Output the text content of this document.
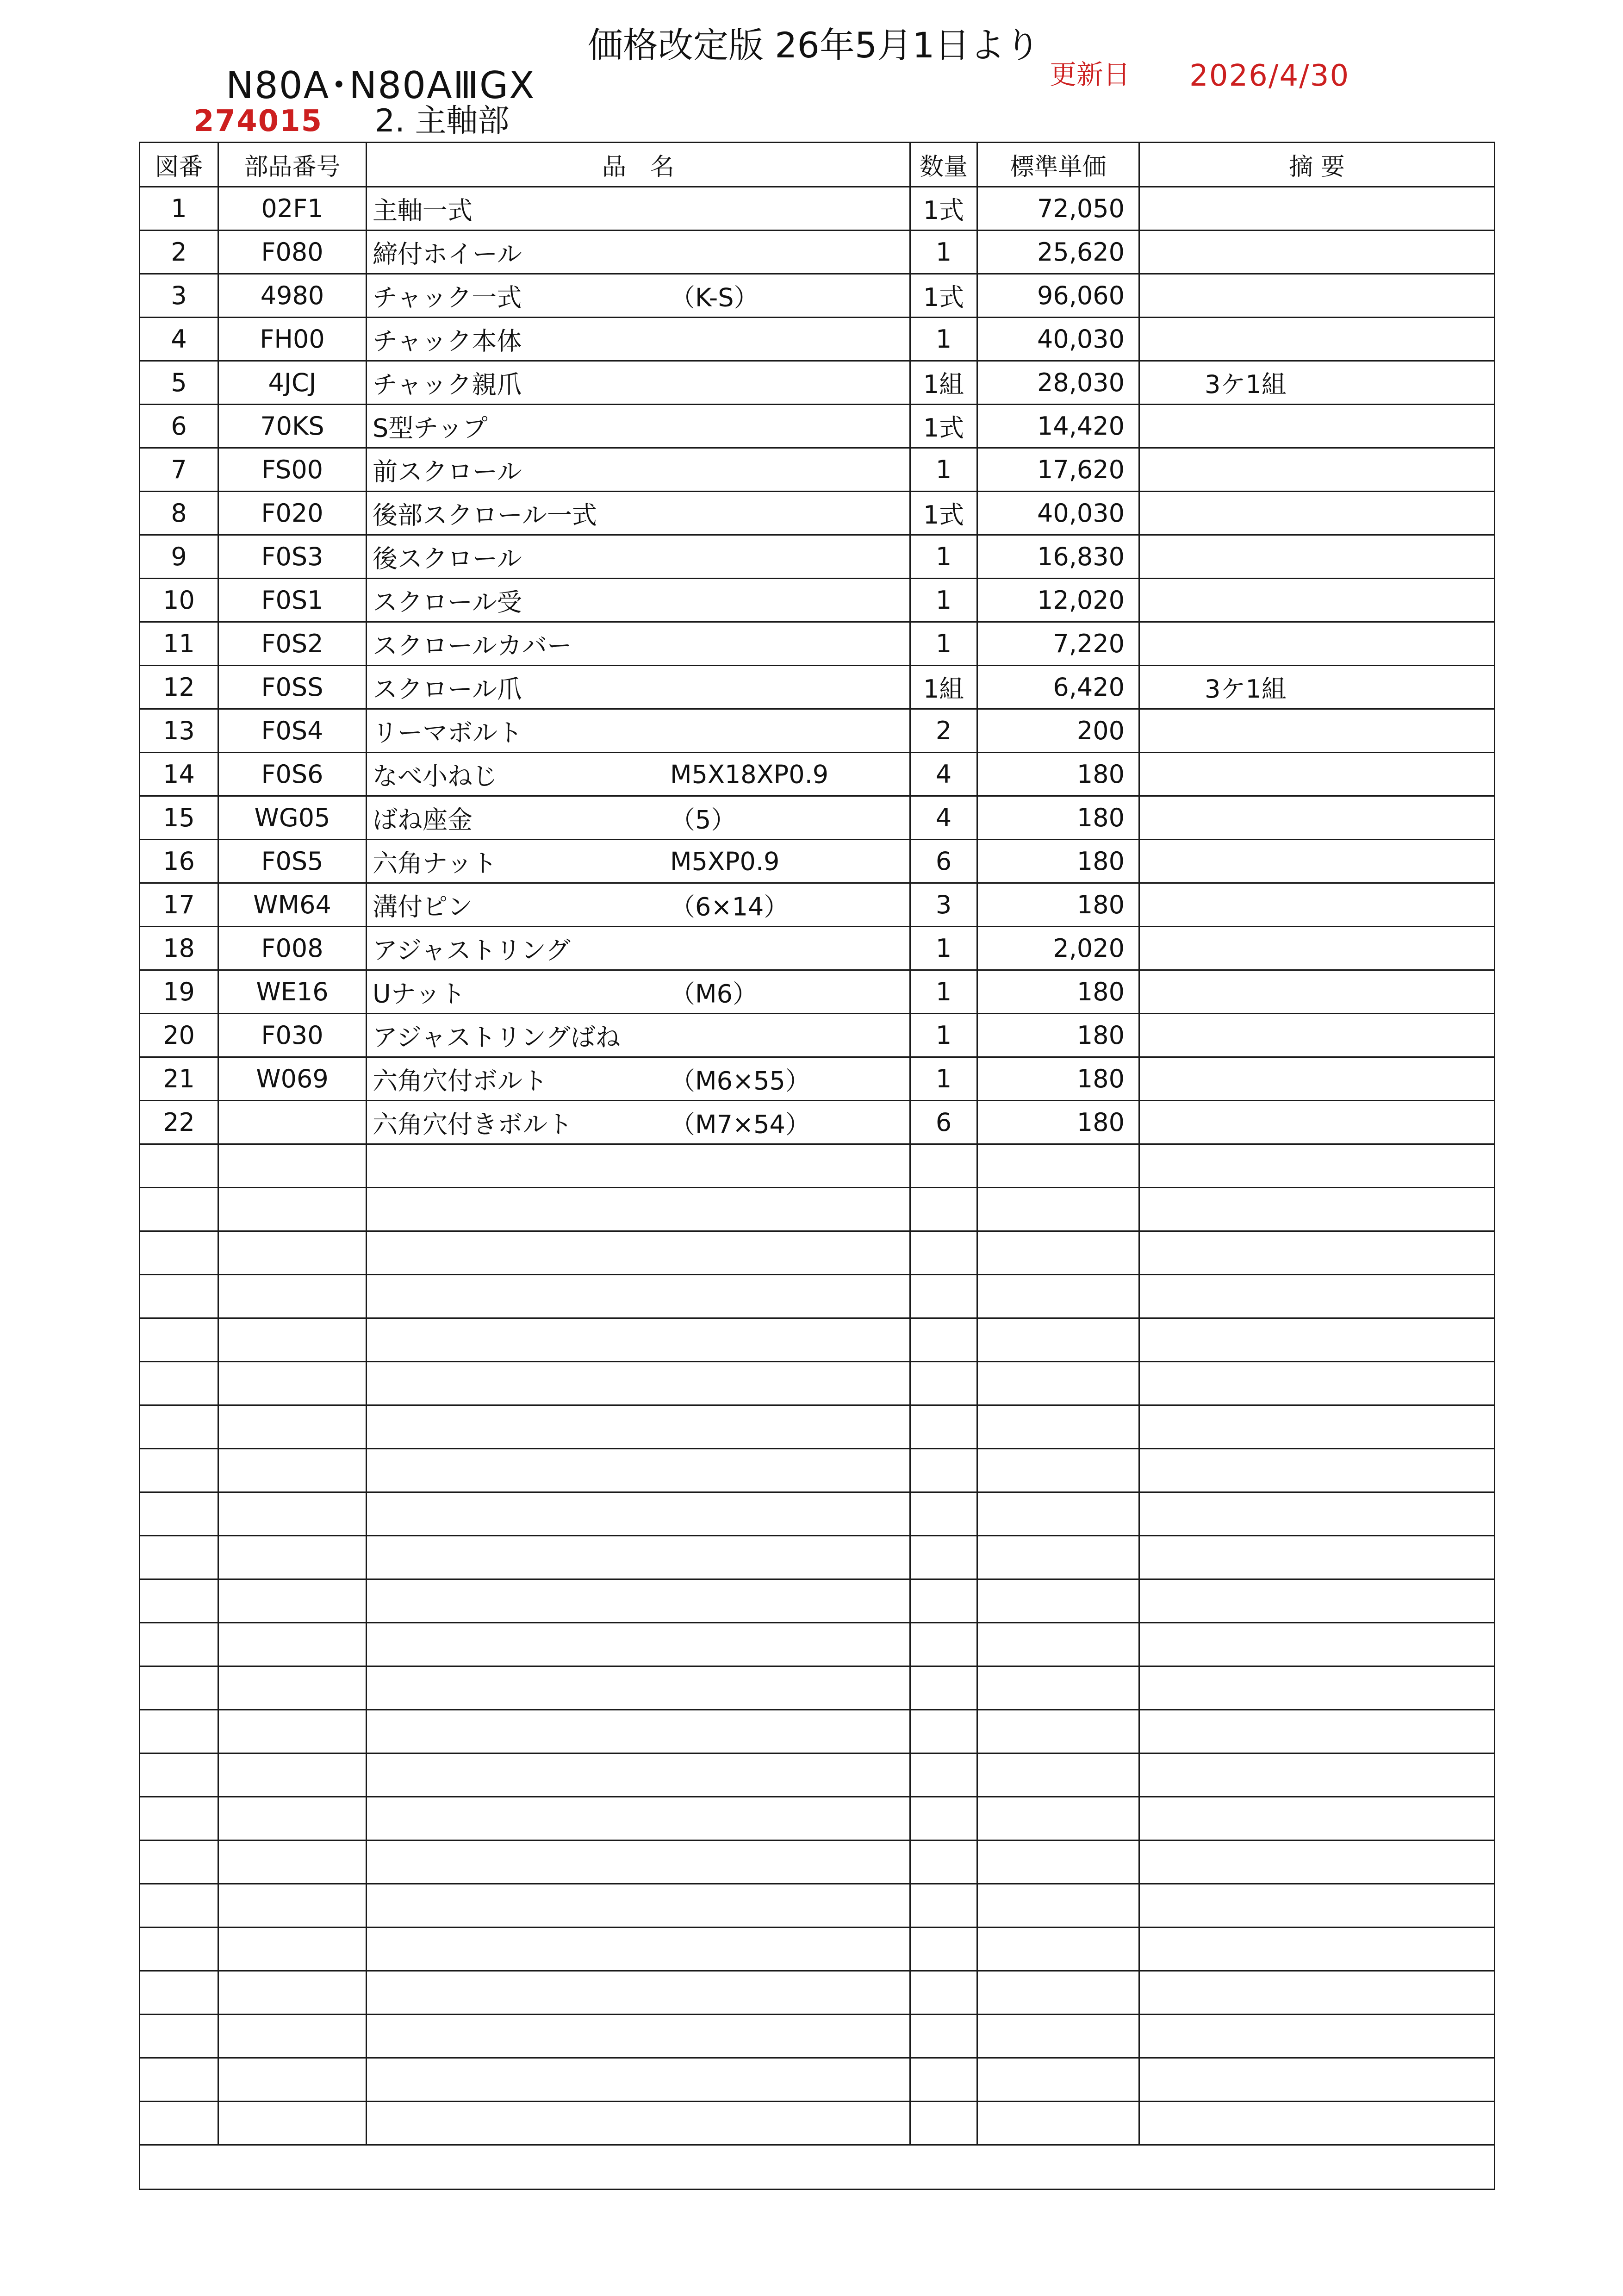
価格改定版 26年5月1日より
N80A･N80AⅢGX	更新日 2026/4/30
274015 2. 主軸部
図番	部品番号	品　名	数量	標準単価	摘 要
1	02F1	主軸一式	1式	72,050	
2	F080	締付ホイール	1	25,620	
3	4980	チャック一式 （K-S）	1式	96,060	
4	FH00	チャック本体	1	40,030	
5	4JCJ	チャック親爪	1組	28,030	3ケ1組
6	70KS	S型チップ	1式	14,420	
7	FS00	前スクロール	1	17,620	
8	F020	後部スクロール一式	1式	40,030	
9	F0S3	後スクロール	1	16,830	
10	F0S1	スクロール受	1	12,020	
11	F0S2	スクロールカバー	1	7,220	
12	F0SS	スクロール爪	1組	6,420	3ケ1組
13	F0S4	リーマボルト	2	200	
14	F0S6	なべ小ねじ M5X18XP0.9	4	180	
15	WG05	ばね座金 （5）	4	180	
16	F0S5	六角ナット M5XP0.9	6	180	
17	WM64	溝付ピン （6×14）	3	180	
18	F008	アジャストリング	1	2,020	
19	WE16	Uナット （M6）	1	180	
20	F030	アジャストリングばね	1	180	
21	W069	六角穴付ボルト （M6×55）	1	180	
22		六角穴付きボルト （M7×54）	6	180	
